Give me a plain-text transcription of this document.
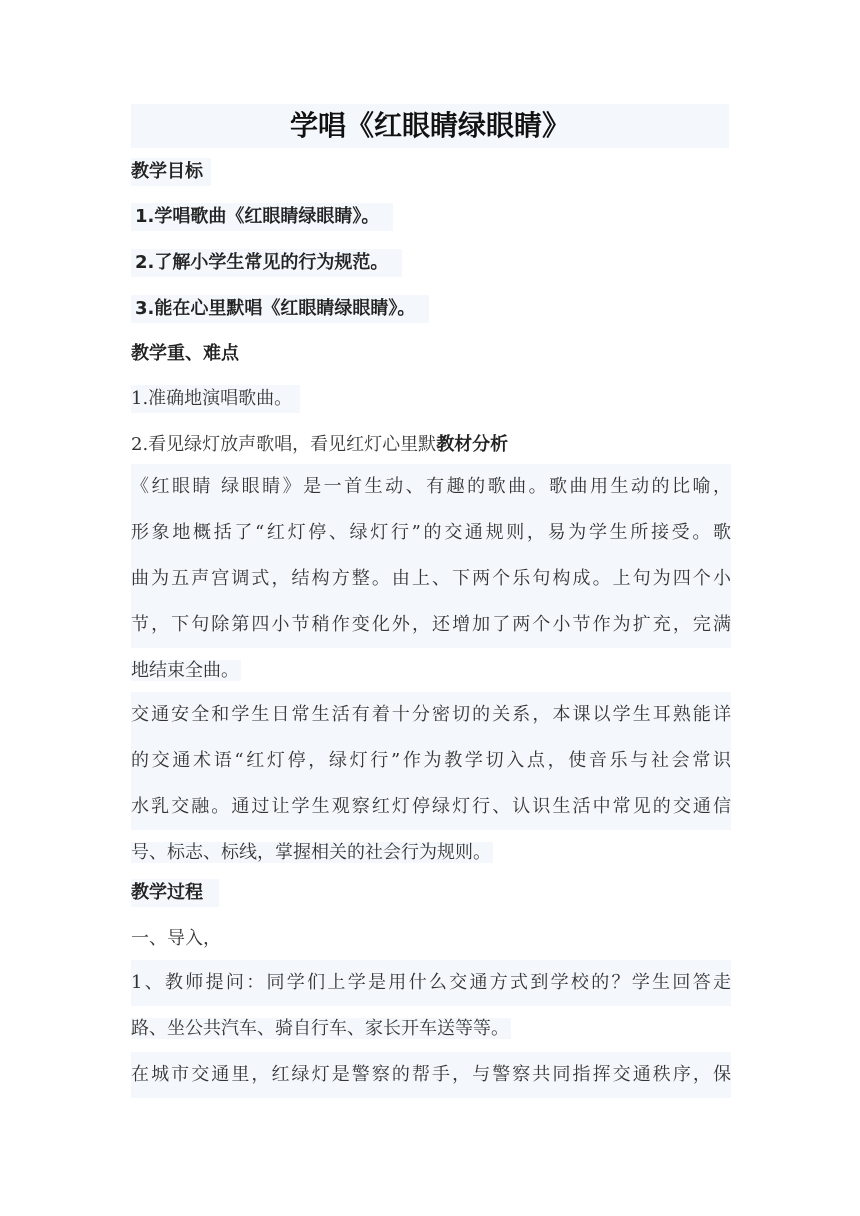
学唱《红眼睛绿眼睛》
教学目标
1.学唱歌曲《红眼睛绿眼睛》。
2.了解小学生常见的行为规范。
3.能在心里默唱《红眼睛绿眼睛》。
教学重、难点
1.准确地演唱歌曲。
2.看见绿灯放声歌唱，看见红灯心里默教材分析
《红眼睛 绿眼睛》是一首生动、有趣的歌曲。歌曲用生动的比喻，
形象地概括了“红灯停、绿灯行”的交通规则，易为学生所接受。歌
曲为五声宫调式，结构方整。由上、下两个乐句构成。上句为四个小
节，下句除第四小节稍作变化外，还增加了两个小节作为扩充，完满
地结束全曲。
交通安全和学生日常生活有着十分密切的关系，本课以学生耳熟能详
的交通术语“红灯停，绿灯行”作为教学切入点，使音乐与社会常识
水乳交融。通过让学生观察红灯停绿灯行、认识生活中常见的交通信
号、标志、标线，掌握相关的社会行为规则。
教学过程
一、导入，
1、教师提问：同学们上学是用什么交通方式到学校的？学生回答走
路、坐公共汽车、骑自行车、家长开车送等等。
在城市交通里，红绿灯是警察的帮手，与警察共同指挥交通秩序，保
